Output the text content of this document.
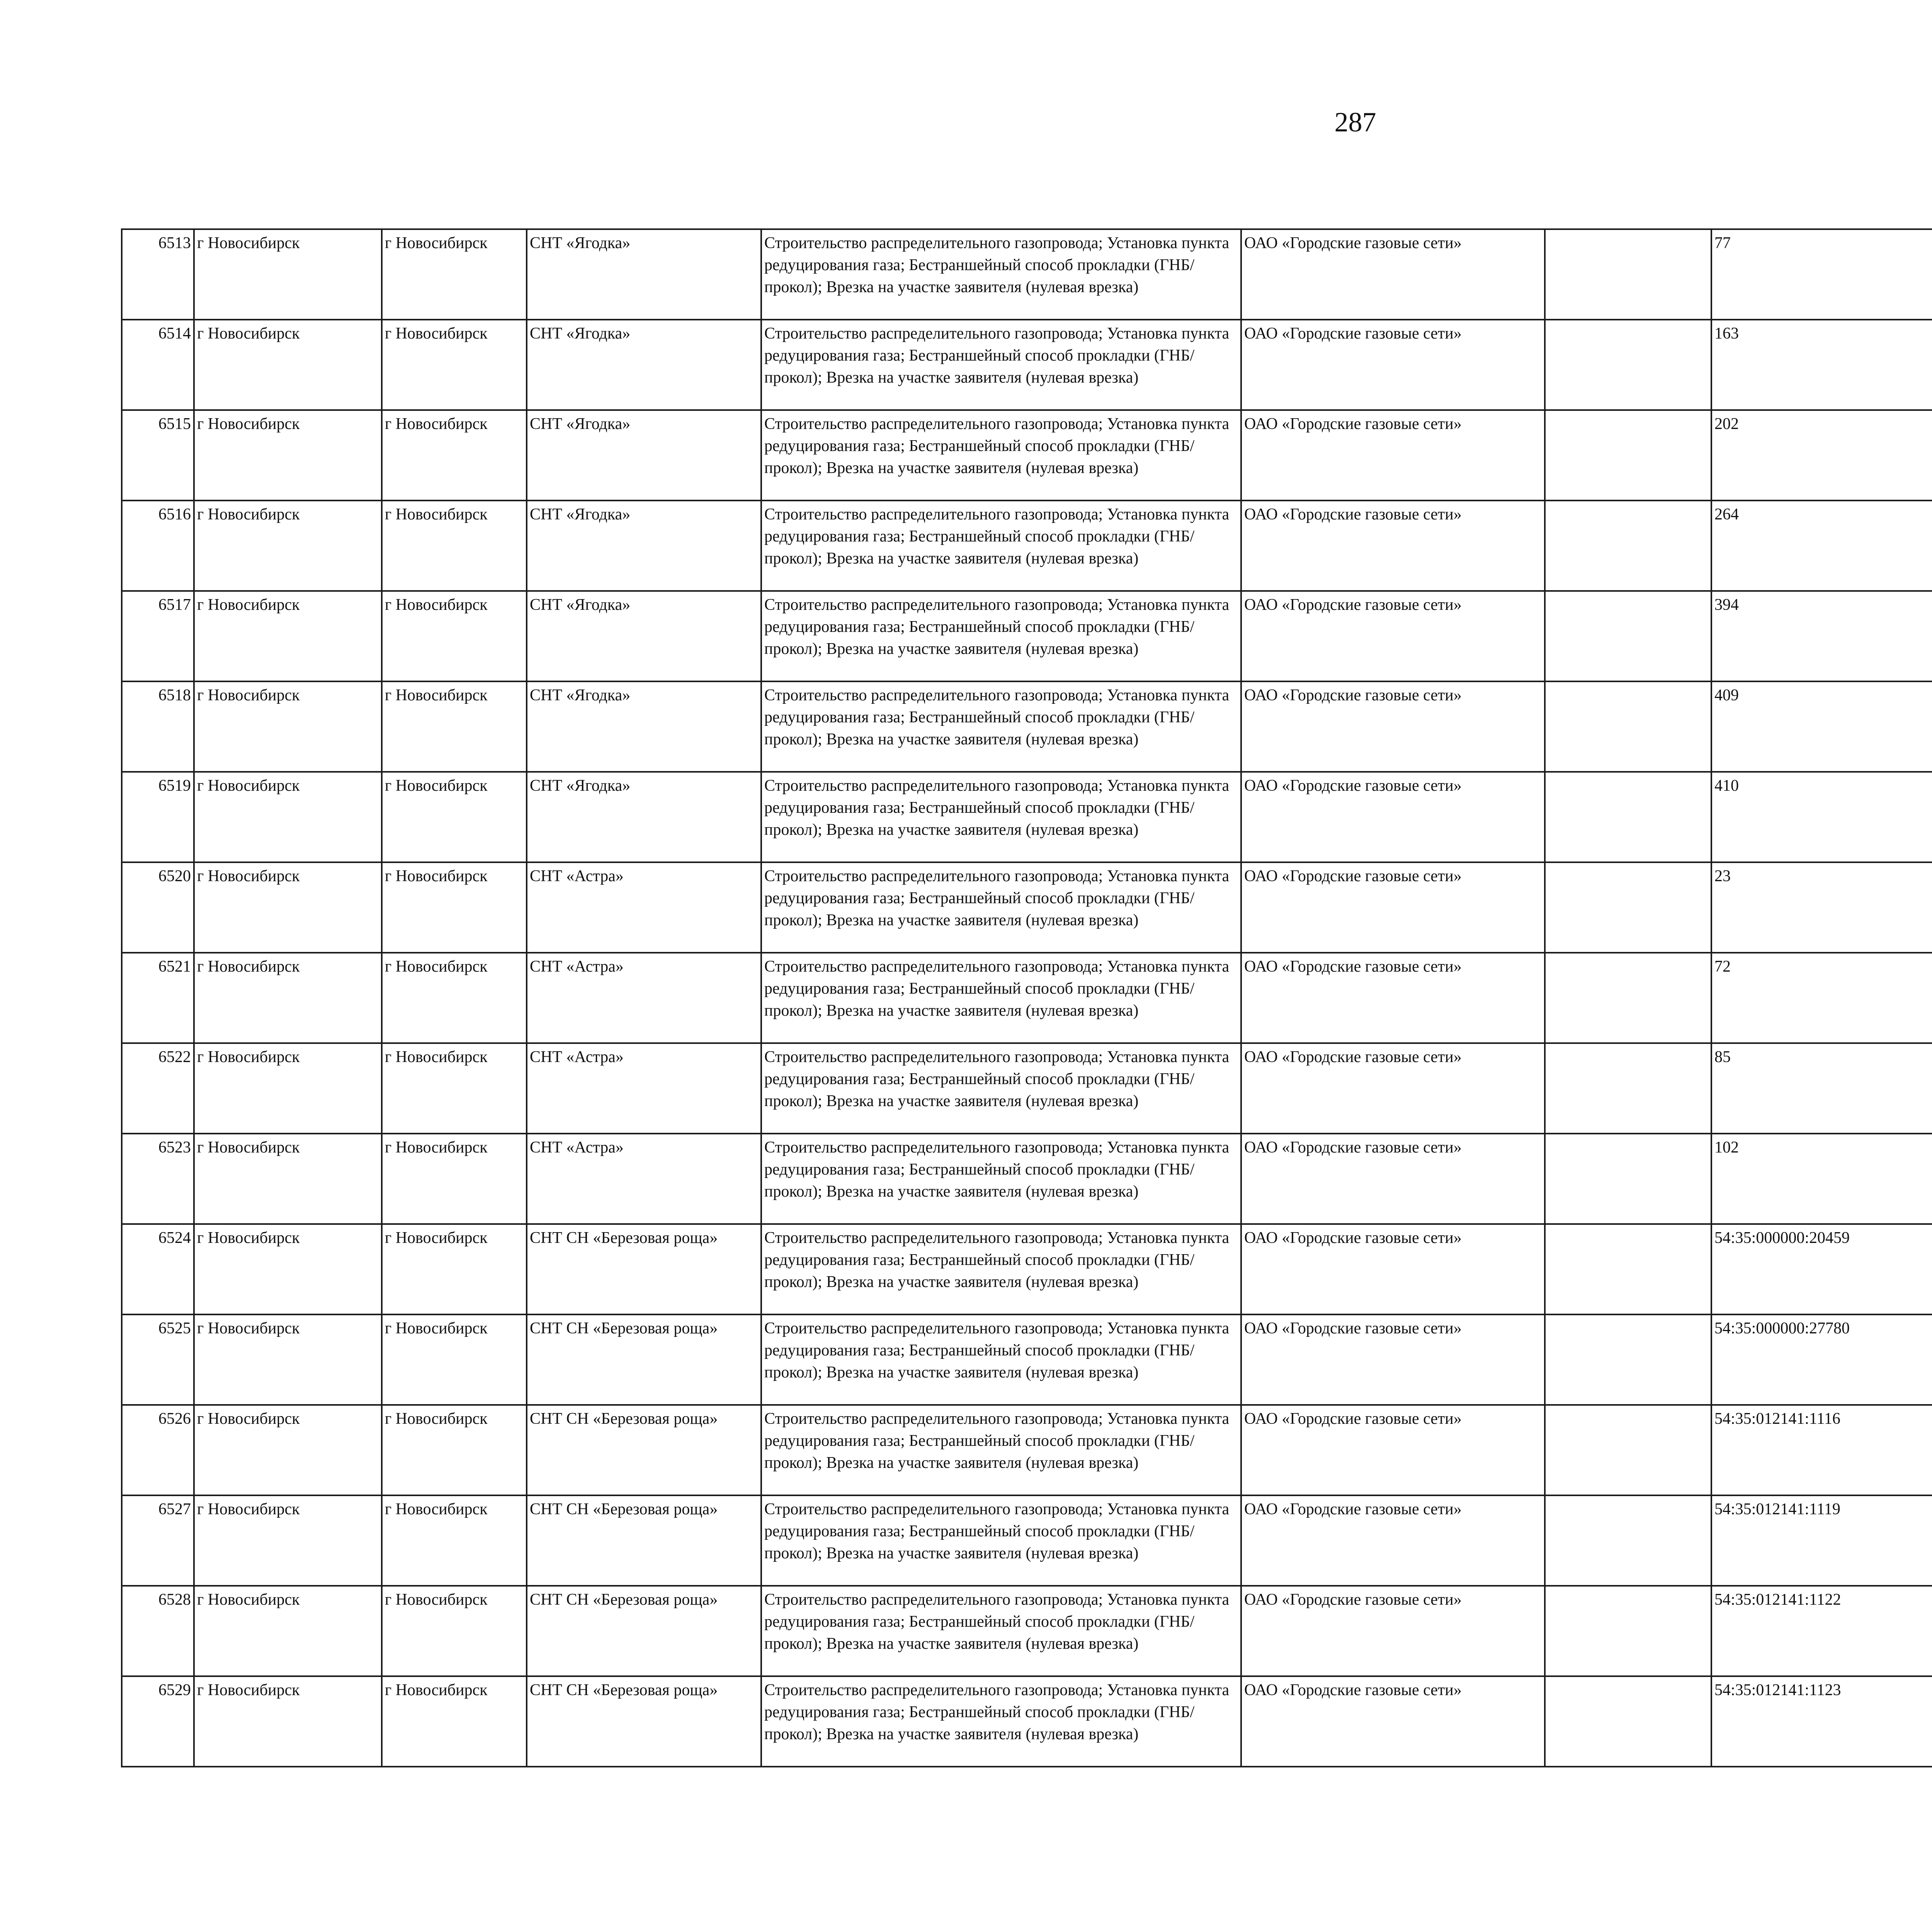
287
6513	г Новосибирск	г Новосибирск	СНТ «Ягодка»	Строительство распределительного газопровода; Установка пункта редуцирования газа; Бестраншейный способ прокладки (ГНБ/прокол); Врезка на участке заявителя (нулевая врезка)	ОАО «Городские газовые сети»		77					
6514	г Новосибирск	г Новосибирск	СНТ «Ягодка»	Строительство распределительного газопровода; Установка пункта редуцирования газа; Бестраншейный способ прокладки (ГНБ/прокол); Врезка на участке заявителя (нулевая врезка)	ОАО «Городские газовые сети»		163					
6515	г Новосибирск	г Новосибирск	СНТ «Ягодка»	Строительство распределительного газопровода; Установка пункта редуцирования газа; Бестраншейный способ прокладки (ГНБ/прокол); Врезка на участке заявителя (нулевая врезка)	ОАО «Городские газовые сети»		202					
6516	г Новосибирск	г Новосибирск	СНТ «Ягодка»	Строительство распределительного газопровода; Установка пункта редуцирования газа; Бестраншейный способ прокладки (ГНБ/прокол); Врезка на участке заявителя (нулевая врезка)	ОАО «Городские газовые сети»		264					
6517	г Новосибирск	г Новосибирск	СНТ «Ягодка»	Строительство распределительного газопровода; Установка пункта редуцирования газа; Бестраншейный способ прокладки (ГНБ/прокол); Врезка на участке заявителя (нулевая врезка)	ОАО «Городские газовые сети»		394					
6518	г Новосибирск	г Новосибирск	СНТ «Ягодка»	Строительство распределительного газопровода; Установка пункта редуцирования газа; Бестраншейный способ прокладки (ГНБ/прокол); Врезка на участке заявителя (нулевая врезка)	ОАО «Городские газовые сети»		409					
6519	г Новосибирск	г Новосибирск	СНТ «Ягодка»	Строительство распределительного газопровода; Установка пункта редуцирования газа; Бестраншейный способ прокладки (ГНБ/прокол); Врезка на участке заявителя (нулевая врезка)	ОАО «Городские газовые сети»		410					
6520	г Новосибирск	г Новосибирск	СНТ «Астра»	Строительство распределительного газопровода; Установка пункта редуцирования газа; Бестраншейный способ прокладки (ГНБ/прокол); Врезка на участке заявителя (нулевая врезка)	ОАО «Городские газовые сети»		23					
6521	г Новосибирск	г Новосибирск	СНТ «Астра»	Строительство распределительного газопровода; Установка пункта редуцирования газа; Бестраншейный способ прокладки (ГНБ/прокол); Врезка на участке заявителя (нулевая врезка)	ОАО «Городские газовые сети»		72					
6522	г Новосибирск	г Новосибирск	СНТ «Астра»	Строительство распределительного газопровода; Установка пункта редуцирования газа; Бестраншейный способ прокладки (ГНБ/прокол); Врезка на участке заявителя (нулевая врезка)	ОАО «Городские газовые сети»		85					
6523	г Новосибирск	г Новосибирск	СНТ «Астра»	Строительство распределительного газопровода; Установка пункта редуцирования газа; Бестраншейный способ прокладки (ГНБ/прокол); Врезка на участке заявителя (нулевая врезка)	ОАО «Городские газовые сети»		102					
6524	г Новосибирск	г Новосибирск	СНТ СН «Березовая роща»	Строительство распределительного газопровода; Установка пункта редуцирования газа; Бестраншейный способ прокладки (ГНБ/прокол); Врезка на участке заявителя (нулевая врезка)	ОАО «Городские газовые сети»		54:35:000000:20459					
6525	г Новосибирск	г Новосибирск	СНТ СН «Березовая роща»	Строительство распределительного газопровода; Установка пункта редуцирования газа; Бестраншейный способ прокладки (ГНБ/прокол); Врезка на участке заявителя (нулевая врезка)	ОАО «Городские газовые сети»		54:35:000000:27780					
6526	г Новосибирск	г Новосибирск	СНТ СН «Березовая роща»	Строительство распределительного газопровода; Установка пункта редуцирования газа; Бестраншейный способ прокладки (ГНБ/прокол); Врезка на участке заявителя (нулевая врезка)	ОАО «Городские газовые сети»		54:35:012141:1116					
6527	г Новосибирск	г Новосибирск	СНТ СН «Березовая роща»	Строительство распределительного газопровода; Установка пункта редуцирования газа; Бестраншейный способ прокладки (ГНБ/прокол); Врезка на участке заявителя (нулевая врезка)	ОАО «Городские газовые сети»		54:35:012141:1119					
6528	г Новосибирск	г Новосибирск	СНТ СН «Березовая роща»	Строительство распределительного газопровода; Установка пункта редуцирования газа; Бестраншейный способ прокладки (ГНБ/прокол); Врезка на участке заявителя (нулевая врезка)	ОАО «Городские газовые сети»		54:35:012141:1122					
6529	г Новосибирск	г Новосибирск	СНТ СН «Березовая роща»	Строительство распределительного газопровода; Установка пункта редуцирования газа; Бестраншейный способ прокладки (ГНБ/прокол); Врезка на участке заявителя (нулевая врезка)	ОАО «Городские газовые сети»		54:35:012141:1123					
